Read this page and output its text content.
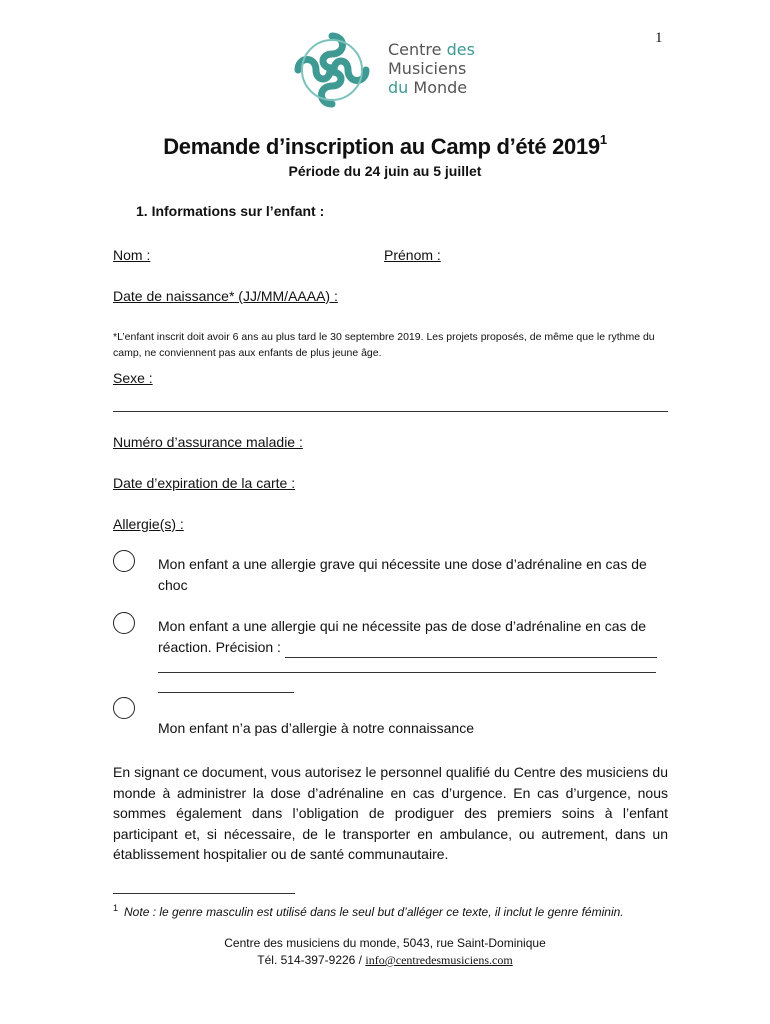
1
Centre des
Musiciens
du Monde
Demande d’inscription au Camp d’été 2019$^1$
Période du 24 juin au 5 juillet
1. Informations sur l’enfant :
Nom :	Prénom :
Date de naissance* (JJ/MM/AAAA) :
*L’enfant inscrit doit avoir 6 ans au plus tard le 30 septembre 2019. Les projets proposés, de même que le rythme du camp, ne conviennent pas aux enfants de plus jeune âge.
Sexe :
Numéro d’assurance maladie :
Date d’expiration de la carte :
Allergie(s) :
Mon enfant a une allergie grave qui nécessite une dose d’adrénaline en cas de choc
Mon enfant a une allergie qui ne nécessite pas de dose d’adrénaline en cas de réaction. Précision :
Mon enfant n’a pas d’allergie à notre connaissance
En signant ce document, vous autorisez le personnel qualifié du Centre des musiciens du monde à administrer la dose d’adrénaline en cas d’urgence. En cas d’urgence, nous sommes également dans l’obligation de prodiguer des premiers soins à l’enfant participant et, si nécessaire, de le transporter en ambulance, ou autrement, dans un établissement hospitalier ou de santé communautaire.
$^1$ Note : le genre masculin est utilisé dans le seul but d’alléger ce texte, il inclut le genre féminin.
Centre des musiciens du monde, 5043, rue Saint-Dominique
Tél. 514-397-9226 / info@centredesmusiciens.com
